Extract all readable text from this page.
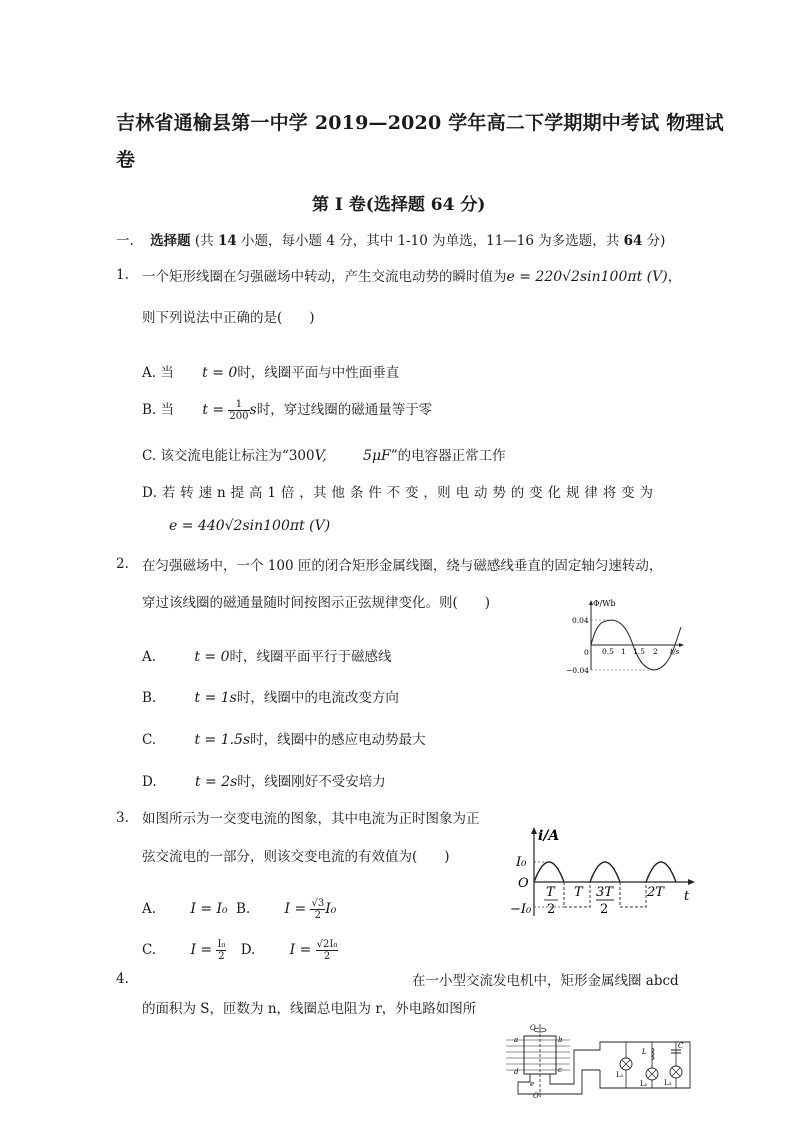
吉林省通榆县第一中学 2019—2020 学年高二下学期期中考试 物理试
卷
第 I 卷(选择题 64 分)
一. 选择题 (共 14 小题，每小题 4 分，其中 1-10 为单选，11—16 为多选题，共 64 分)
1. 一个矩形线圈在匀强磁场中转动，产生交流电动势的瞬时值为e = 220√2sin100πt (V)，
则下列说法中正确的是(　　)
A. 当 t = 0时，线圈平面与中性面垂直
B. 当 $t = \frac{1}{200}$ s时，穿过线圈的磁通量等于零
C. 该交流电能让标注为“300V,	5μF”的电容器正常工作
D. 若 转 速 n 提 高 1 倍 ，其 他 条 件 不 变 ，则 电 动 势 的 变 化 规 律 将 变 为
e = 440√2sin100πt (V)
2. 在匀强磁场中，一个 100 匝的闭合矩形金属线圈，绕与磁感线垂直的固定轴匀速转动，
穿过该线圈的磁通量随时间按图示正弦规律变化。则(　　)
A.	t = 0时，线圈平面平行于磁感线
B.	t = 1s时，线圈中的电流改变方向
C.	t = 1.5s时，线圈中的感应电动势最大
D.	t = 2s时，线圈刚好不受安培力
Φ/Wb
0.04
−0.04
0 0.5 1 1.5 2 t/s
3. 如图所示为一交变电流的图象，其中电流为正时图象为正
弦交流电的一部分，则该交变电流的有效值为(　　)
A. I = I₀ B. $I = \frac{√3}{2} I_0$
C. $I = \frac{\text{I₀}}{2} D$. $I = \frac{\text{√2I₀}}{2}$
i/A
I₀
O
−I₀
T
2
T 3T
2
2T t
4.	在一小型交流发电机中，矩形金属线圈 abcd
的面积为 S，匝数为 n，线圈总电阻为 r，外电路如图所
O
O′
a	b
c
d
e
L₁
L
L₂
C
L₃
